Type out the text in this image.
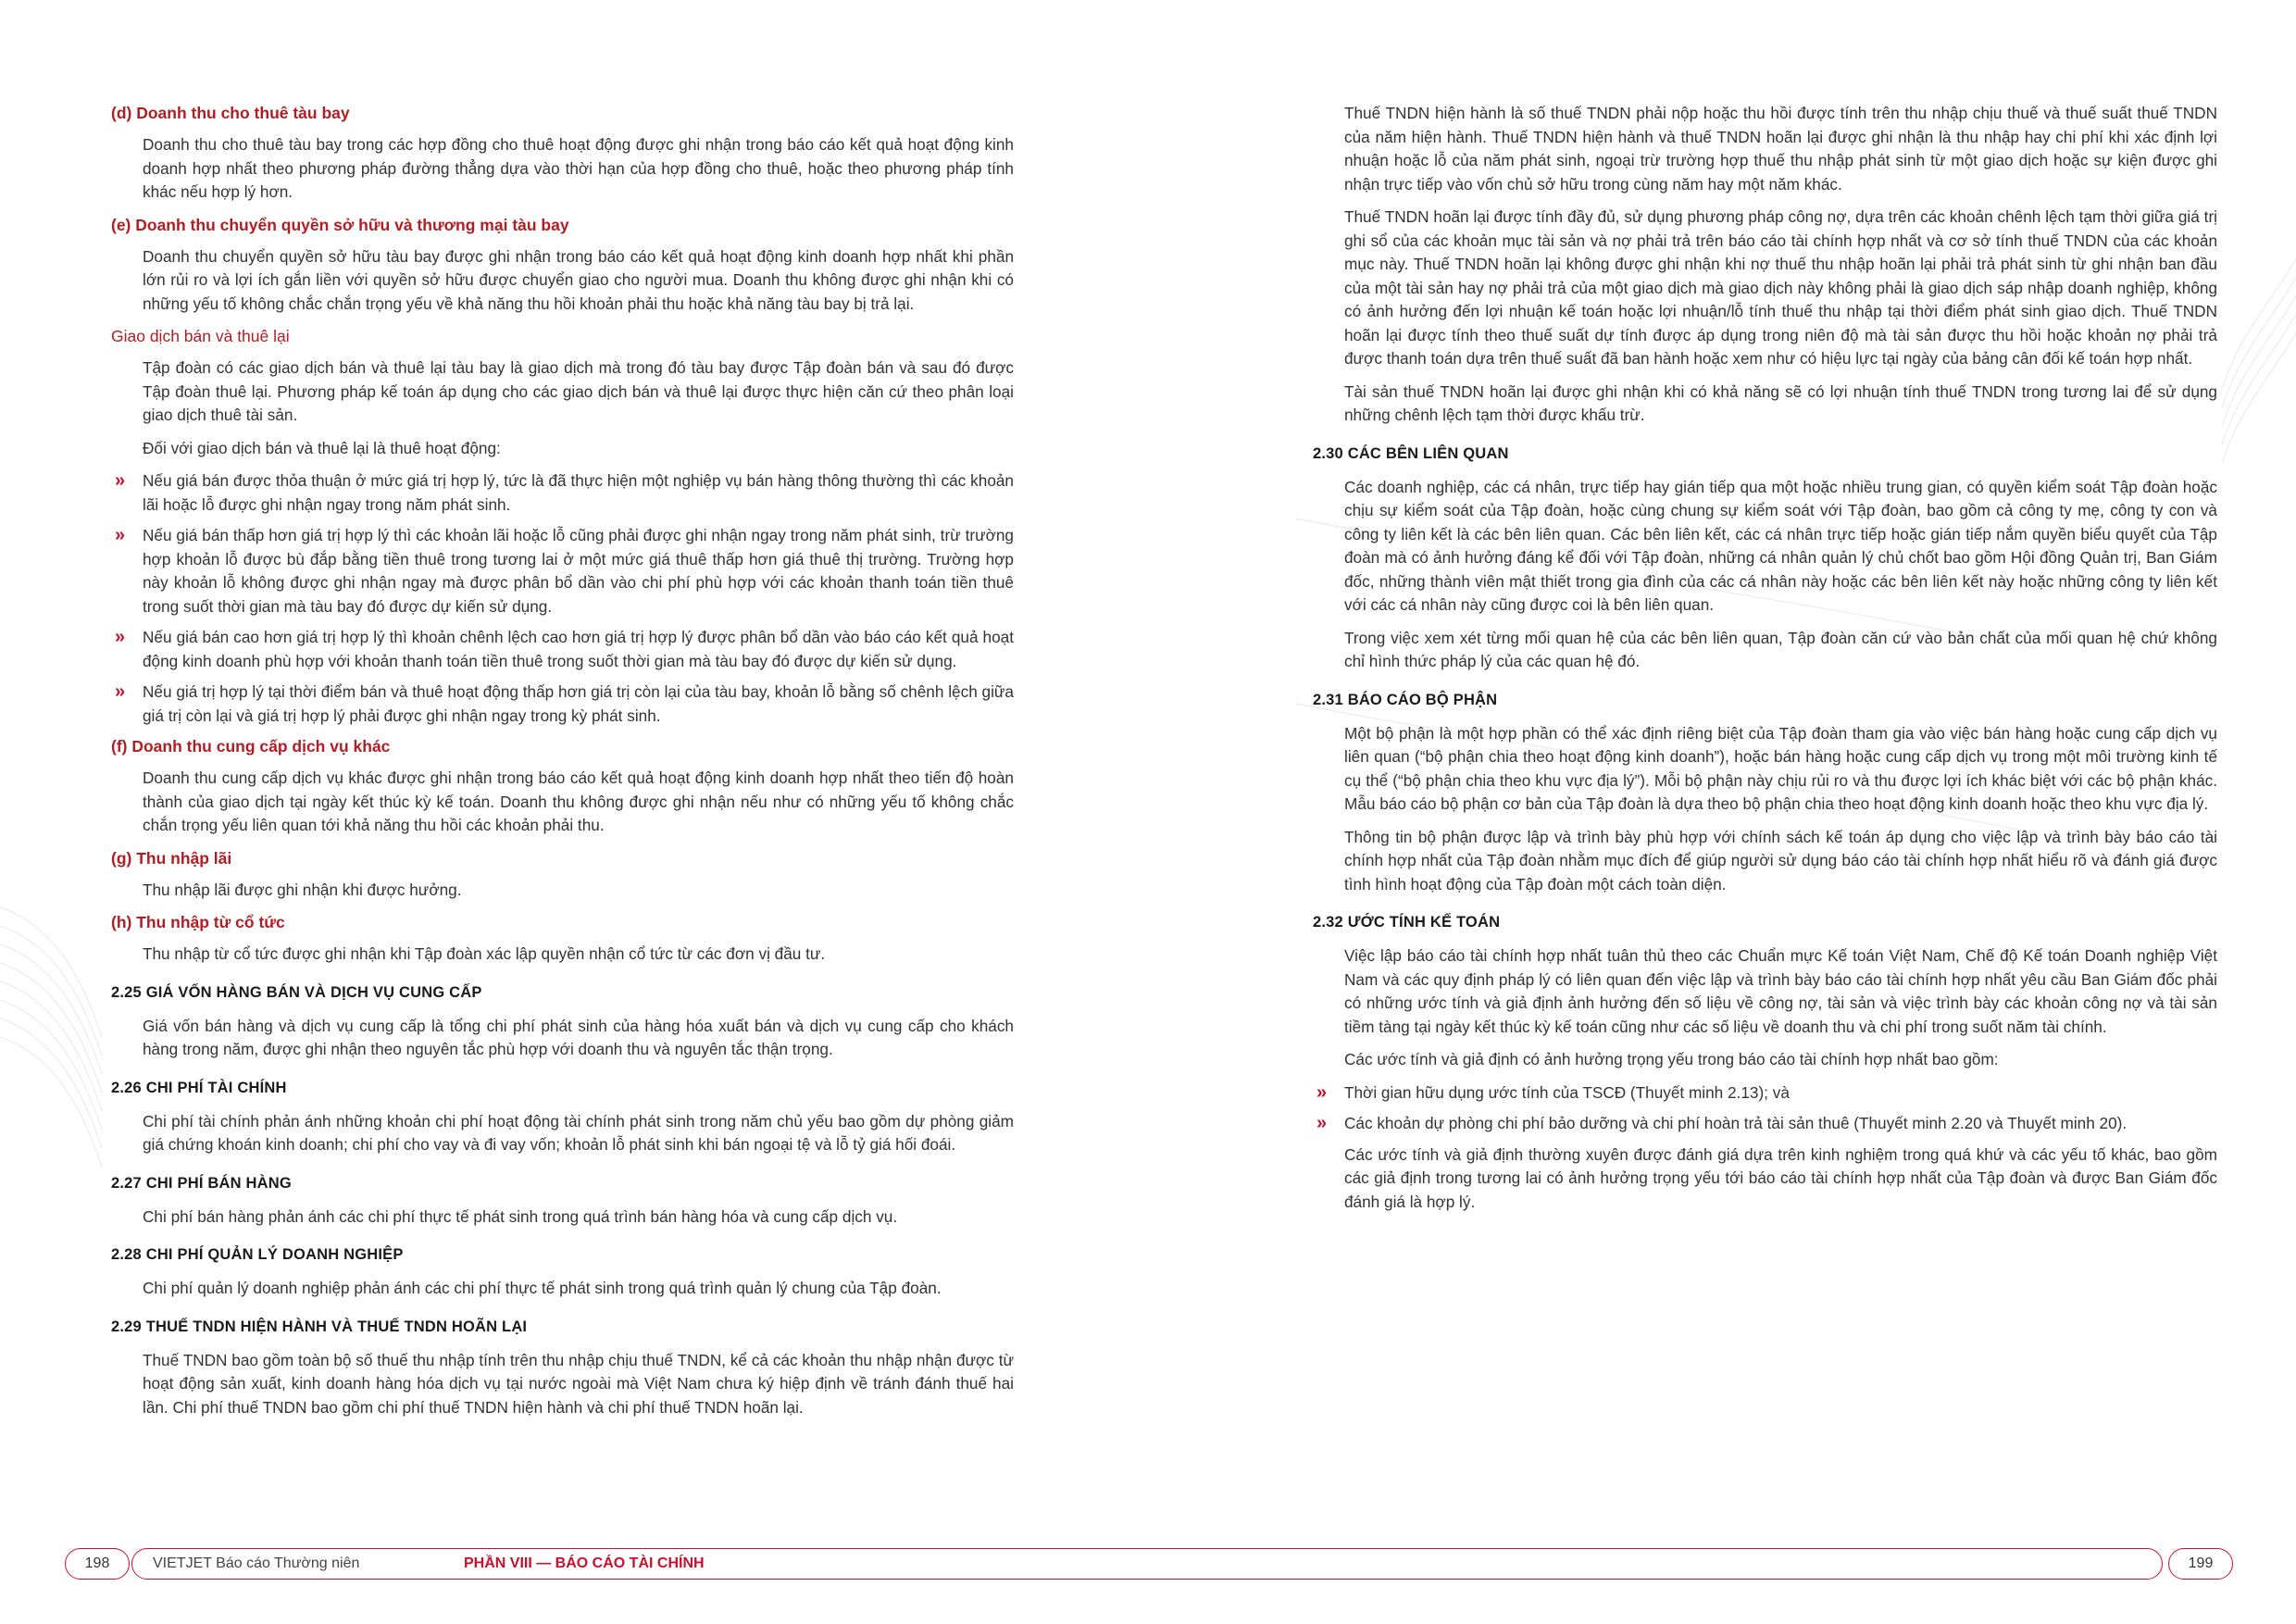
(d) Doanh thu cho thuê tàu bay

Doanh thu cho thuê tàu bay trong các hợp đồng cho thuê hoạt động được ghi nhận trong báo cáo kết quả hoạt động kinh doanh hợp nhất theo phương pháp đường thẳng dựa vào thời hạn của hợp đồng cho thuê, hoặc theo phương pháp tính khác nếu hợp lý hơn.

(e) Doanh thu chuyển quyền sở hữu và thương mại tàu bay

Doanh thu chuyển quyền sở hữu tàu bay được ghi nhận trong báo cáo kết quả hoạt động kinh doanh hợp nhất khi phần lớn rủi ro và lợi ích gắn liền với quyền sở hữu được chuyển giao cho người mua. Doanh thu không được ghi nhận khi có những yếu tố không chắc chắn trọng yếu về khả năng thu hồi khoản phải thu hoặc khả năng tàu bay bị trả lại.

Giao dịch bán và thuê lại

Tập đoàn có các giao dịch bán và thuê lại tàu bay là giao dịch mà trong đó tàu bay được Tập đoàn bán và sau đó được Tập đoàn thuê lại. Phương pháp kế toán áp dụng cho các giao dịch bán và thuê lại được thực hiện căn cứ theo phân loại giao dịch thuê tài sản.

Đối với giao dịch bán và thuê lại là thuê hoạt động:

» Nếu giá bán được thỏa thuận ở mức giá trị hợp lý, tức là đã thực hiện một nghiệp vụ bán hàng thông thường thì các khoản lãi hoặc lỗ được ghi nhận ngay trong năm phát sinh.
» Nếu giá bán thấp hơn giá trị hợp lý thì các khoản lãi hoặc lỗ cũng phải được ghi nhận ngay trong năm phát sinh, trừ trường hợp khoản lỗ được bù đắp bằng tiền thuê trong tương lai ở một mức giá thuê thấp hơn giá thuê thị trường. Trường hợp này khoản lỗ không được ghi nhận ngay mà được phân bổ dần vào chi phí phù hợp với các khoản thanh toán tiền thuê trong suốt thời gian mà tàu bay đó được dự kiến sử dụng.
» Nếu giá bán cao hơn giá trị hợp lý thì khoản chênh lệch cao hơn giá trị hợp lý được phân bổ dần vào báo cáo kết quả hoạt động kinh doanh phù hợp với khoản thanh toán tiền thuê trong suốt thời gian mà tàu bay đó được dự kiến sử dụng.
» Nếu giá trị hợp lý tại thời điểm bán và thuê hoạt động thấp hơn giá trị còn lại của tàu bay, khoản lỗ bằng số chênh lệch giữa giá trị còn lại và giá trị hợp lý phải được ghi nhận ngay trong kỳ phát sinh.
(f) Doanh thu cung cấp dịch vụ khác

Doanh thu cung cấp dịch vụ khác được ghi nhận trong báo cáo kết quả hoạt động kinh doanh hợp nhất theo tiến độ hoàn thành của giao dịch tại ngày kết thúc kỳ kế toán. Doanh thu không được ghi nhận nếu như có những yếu tố không chắc chắn trọng yếu liên quan tới khả năng thu hồi các khoản phải thu.

(g) Thu nhập lãi

Thu nhập lãi được ghi nhận khi được hưởng.

(h) Thu nhập từ cổ tức

Thu nhập từ cổ tức được ghi nhận khi Tập đoàn xác lập quyền nhận cổ tức từ các đơn vị đầu tư.

2.25 GIÁ VỐN HÀNG BÁN VÀ DỊCH VỤ CUNG CẤP

Giá vốn bán hàng và dịch vụ cung cấp là tổng chi phí phát sinh của hàng hóa xuất bán và dịch vụ cung cấp cho khách hàng trong năm, được ghi nhận theo nguyên tắc phù hợp với doanh thu và nguyên tắc thận trọng.

2.26 CHI PHÍ TÀI CHÍNH

Chi phí tài chính phản ánh những khoản chi phí hoạt động tài chính phát sinh trong năm chủ yếu bao gồm dự phòng giảm giá chứng khoán kinh doanh; chi phí cho vay và đi vay vốn; khoản lỗ phát sinh khi bán ngoại tệ và lỗ tỷ giá hối đoái.

2.27 CHI PHÍ BÁN HÀNG

Chi phí bán hàng phản ánh các chi phí thực tế phát sinh trong quá trình bán hàng hóa và cung cấp dịch vụ.

2.28 CHI PHÍ QUẢN LÝ DOANH NGHIỆP

Chi phí quản lý doanh nghiệp phản ánh các chi phí thực tế phát sinh trong quá trình quản lý chung của Tập đoàn.

2.29 THUẾ TNDN HIỆN HÀNH VÀ THUẾ TNDN HOÃN LẠI

Thuế TNDN bao gồm toàn bộ số thuế thu nhập tính trên thu nhập chịu thuế TNDN, kể cả các khoản thu nhập nhận được từ hoạt động sản xuất, kinh doanh hàng hóa dịch vụ tại nước ngoài mà Việt Nam chưa ký hiệp định về tránh đánh thuế hai lần. Chi phí thuế TNDN bao gồm chi phí thuế TNDN hiện hành và chi phí thuế TNDN hoãn lại.

Thuế TNDN hiện hành là số thuế TNDN phải nộp hoặc thu hồi được tính trên thu nhập chịu thuế và thuế suất thuế TNDN của năm hiện hành. Thuế TNDN hiện hành và thuế TNDN hoãn lại được ghi nhận là thu nhập hay chi phí khi xác định lợi nhuận hoặc lỗ của năm phát sinh, ngoại trừ trường hợp thuế thu nhập phát sinh từ một giao dịch hoặc sự kiện được ghi nhận trực tiếp vào vốn chủ sở hữu trong cùng năm hay một năm khác.

Thuế TNDN hoãn lại được tính đầy đủ, sử dụng phương pháp công nợ, dựa trên các khoản chênh lệch tạm thời giữa giá trị ghi sổ của các khoản mục tài sản và nợ phải trả trên báo cáo tài chính hợp nhất và cơ sở tính thuế TNDN của các khoản mục này. Thuế TNDN hoãn lại không được ghi nhận khi nợ thuế thu nhập hoãn lại phải trả phát sinh từ ghi nhận ban đầu của một tài sản hay nợ phải trả của một giao dịch mà giao dịch này không phải là giao dịch sáp nhập doanh nghiệp, không có ảnh hưởng đến lợi nhuận kế toán hoặc lợi nhuận/lỗ tính thuế thu nhập tại thời điểm phát sinh giao dịch. Thuế TNDN hoãn lại được tính theo thuế suất dự tính được áp dụng trong niên độ mà tài sản được thu hồi hoặc khoản nợ phải trả được thanh toán dựa trên thuế suất đã ban hành hoặc xem như có hiệu lực tại ngày của bảng cân đối kế toán hợp nhất.

Tài sản thuế TNDN hoãn lại được ghi nhận khi có khả năng sẽ có lợi nhuận tính thuế TNDN trong tương lai để sử dụng những chênh lệch tạm thời được khấu trừ.

2.30 CÁC BÊN LIÊN QUAN

Các doanh nghiệp, các cá nhân, trực tiếp hay gián tiếp qua một hoặc nhiều trung gian, có quyền kiểm soát Tập đoàn hoặc chịu sự kiểm soát của Tập đoàn, hoặc cùng chung sự kiểm soát với Tập đoàn, bao gồm cả công ty mẹ, công ty con và công ty liên kết là các bên liên quan. Các bên liên kết, các cá nhân trực tiếp hoặc gián tiếp nắm quyền biểu quyết của Tập đoàn mà có ảnh hưởng đáng kể đối với Tập đoàn, những cá nhân quản lý chủ chốt bao gồm Hội đồng Quản trị, Ban Giám đốc, những thành viên mật thiết trong gia đình của các cá nhân này hoặc các bên liên kết này hoặc những công ty liên kết với các cá nhân này cũng được coi là bên liên quan.

Trong việc xem xét từng mối quan hệ của các bên liên quan, Tập đoàn căn cứ vào bản chất của mối quan hệ chứ không chỉ hình thức pháp lý của các quan hệ đó.

2.31 BÁO CÁO BỘ PHẬN

Một bộ phận là một hợp phần có thể xác định riêng biệt của Tập đoàn tham gia vào việc bán hàng hoặc cung cấp dịch vụ liên quan (“bộ phận chia theo hoạt động kinh doanh”), hoặc bán hàng hoặc cung cấp dịch vụ trong một môi trường kinh tế cụ thể (“bộ phận chia theo khu vực địa lý”). Mỗi bộ phận này chịu rủi ro và thu được lợi ích khác biệt với các bộ phận khác. Mẫu báo cáo bộ phận cơ bản của Tập đoàn là dựa theo bộ phận chia theo hoạt động kinh doanh hoặc theo khu vực địa lý.

Thông tin bộ phận được lập và trình bày phù hợp với chính sách kế toán áp dụng cho việc lập và trình bày báo cáo tài chính hợp nhất của Tập đoàn nhằm mục đích để giúp người sử dụng báo cáo tài chính hợp nhất hiểu rõ và đánh giá được tình hình hoạt động của Tập đoàn một cách toàn diện.

2.32 ƯỚC TÍNH KẾ TOÁN

Việc lập báo cáo tài chính hợp nhất tuân thủ theo các Chuẩn mực Kế toán Việt Nam, Chế độ Kế toán Doanh nghiệp Việt Nam và các quy định pháp lý có liên quan đến việc lập và trình bày báo cáo tài chính hợp nhất yêu cầu Ban Giám đốc phải có những ước tính và giả định ảnh hưởng đến số liệu về công nợ, tài sản và việc trình bày các khoản công nợ và tài sản tiềm tàng tại ngày kết thúc kỳ kế toán cũng như các số liệu về doanh thu và chi phí trong suốt năm tài chính.

Các ước tính và giả định có ảnh hưởng trọng yếu trong báo cáo tài chính hợp nhất bao gồm:

» Thời gian hữu dụng ước tính của TSCĐ (Thuyết minh 2.13); và
» Các khoản dự phòng chi phí bảo dưỡng và chi phí hoàn trả tài sản thuê (Thuyết minh 2.20 và Thuyết minh 20).

Các ước tính và giả định thường xuyên được đánh giá dựa trên kinh nghiệm trong quá khứ và các yếu tố khác, bao gồm các giả định trong tương lai có ảnh hưởng trọng yếu tới báo cáo tài chính hợp nhất của Tập đoàn và được Ban Giám đốc đánh giá là hợp lý.

198	VIETJET Báo cáo Thường niên	PHẦN VIII — BÁO CÁO TÀI CHÍNH	199
